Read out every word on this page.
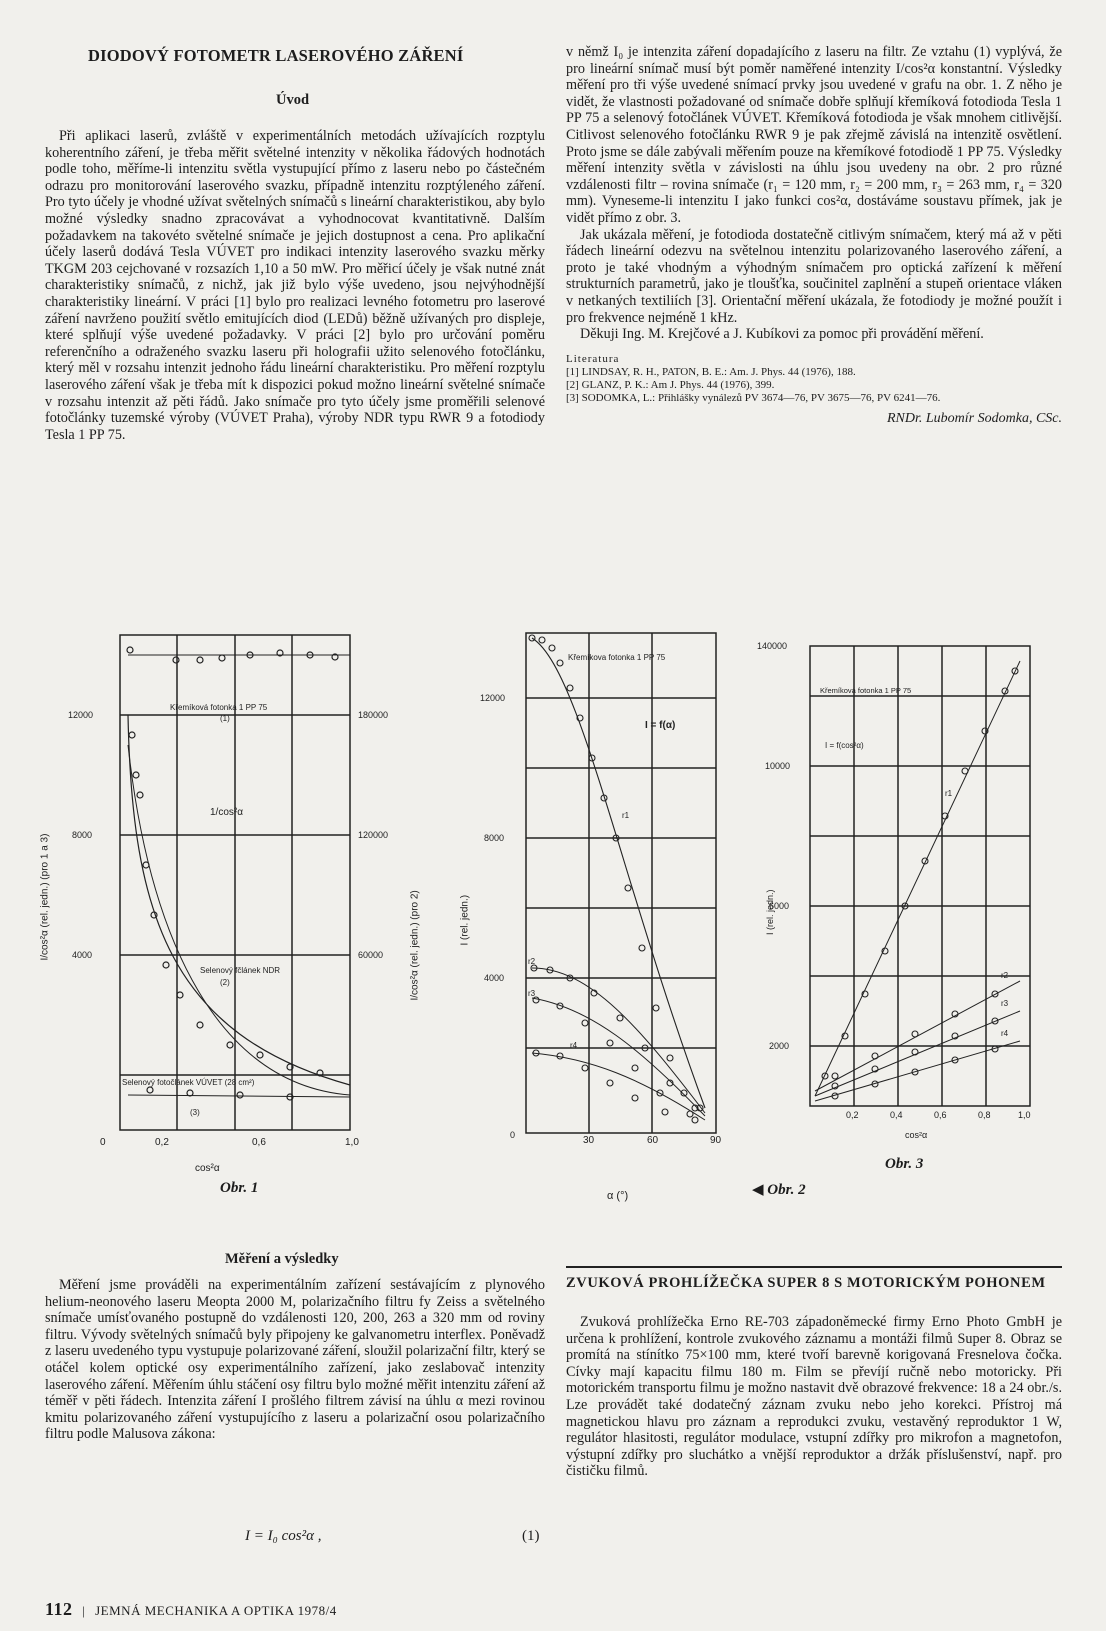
DIODOVÝ FOTOMETR LASEROVÉHO ZÁŘENÍ
Úvod

Při aplikaci laserů, zvláště v experimentálních metodách užívajících rozptylu koherentního záření, je třeba měřit světelné intenzity v několika řádových hodnotách podle toho, měříme-li intenzitu světla vystupující přímo z laseru nebo po částečném odrazu pro monitorování laserového svazku, případně intenzitu rozptýleného záření. Pro tyto účely je vhodné užívat světelných snímačů s lineární charakteristikou, aby bylo možné výsledky snadno zpracovávat a vyhodnocovat kvantitativně. Dalším požadavkem na takovéto světelné snímače je jejich dostupnost a cena. Pro aplikační účely laserů dodává Tesla VÚVET pro indikaci intenzity laserového svazku měrky TKGM 203 cejchované v rozsazích 1,10 a 50 mW. Pro měřicí účely je však nutné znát charakteristiky snímačů, z nichž, jak již bylo výše uvedeno, jsou nejvýhodnější charakteristiky lineární. V práci [1] bylo pro realizaci levného fotometru pro laserové záření navrženo použití světlo emitujících diod (LEDů) běžně užívaných pro displeje, které splňují výše uvedené požadavky. V práci [2] bylo pro určování poměru referenčního a odraženého svazku laseru při holografii užito selenového fotočlánku, který měl v rozsahu intenzit jednoho řádu lineární charakteristiku. Pro měření rozptylu laserového záření však je třeba mít k dispozici pokud možno lineární světelné snímače v rozsahu intenzit až pěti řádů. Jako snímače pro tyto účely jsme proměřili selenové fotočlánky tuzemské výroby (VÚVET Praha), výroby NDR typu RWR 9 a fotodiody Tesla 1 PP 75.

v němž I₀ je intenzita záření dopadajícího z laseru na filtr. Ze vztahu (1) vyplývá, že pro lineární snímač musí být poměr naměřené intenzity I/cos²α konstantní. Výsledky měření pro tři výše uvedené snímací prvky jsou uvedené v grafu na obr. 1. Z něho je vidět, že vlastnosti požadované od snímače dobře splňují křemíková fotodioda Tesla 1 PP 75 a selenový fotočlánek VÚVET. Křemíková fotodioda je však mnohem citlivější. Citlivost selenového fotočlánku RWR 9 je pak zřejmě závislá na intenzitě osvětlení. Proto jsme se dále zabývali měřením pouze na křemíkové fotodiodě 1 PP 75. Výsledky měření intenzity světla v závislosti na úhlu jsou uvedeny na obr. 2 pro různé vzdálenosti filtr – rovina snímače (r₁ = 120 mm, r₂ = 200 mm, r₃ = 263 mm, r₄ = 320 mm). Vyneseme-li intenzitu I jako funkci cos²α, dostáváme soustavu přímek, jak je vidět přímo z obr. 3.

Jak ukázala měření, je fotodioda dostatečně citlivým snímačem, který má až v pěti řádech lineární odezvu na světelnou intenzitu polarizovaného laserového záření, a proto je také vhodným a výhodným snímačem pro optická zařízení k měření strukturních parametrů, jako je tloušťka, součinitel zaplnění a stupeň orientace vláken v netkaných textiliích [3]. Orientační měření ukázala, že fotodiody je možné použít i pro frekvence nejméně 1 kHz.

Děkuji Ing. M. Krejčové a J. Kubíkovi za pomoc při provádění měření.

Literatura
[1] LINDSAY, R. H., PATON, B. E.: Am. J. Phys. 44 (1976), 188.
[2] GLANZ, P. K.: Am J. Phys. 44 (1976), 399.
[3] SODOMKA, L.: Přihlášky vynálezů PV 3674—76, PV 3675—76, PV 6241—76.
RNDr. Lubomír Sodomka, CSc.
12000
8000
4000
180000
120000
60000
Křemíková fotonka 1 PP 75
(1)
Selenový fčlánek NDR
(2)
Selenový fotočlánek VÚVET (28 cm²)
(3)
1/cos²α
0	0,2	0,6	1,0
cos²α
I/cos²α (rel. jedn.) (pro 1 a 3)	I/cos²α (rel. jedn.) (pro 2)
Obr. 1
12000
8000
4000
0
Křemíkova fotonka 1 PP 75
I = f(α)
r1
r2
r3
r4
30	60	90
α (°)
I (rel. jedn.)
◀ Obr. 2
140000
10000
6000
2000
Křemíková fotonka 1 PP 75
I = f(cos²α)
r1
r2
r3
r4
0,2	0,4	0,6	0,8	1,0
cos²α
I (rel. jedn.)
Obr. 3
Měření a výsledky

Měření jsme prováděli na experimentálním zařízení sestávajícím z plynového helium-neonového laseru Meopta 2000 M, polarizačního filtru fy Zeiss a světelného snímače umísťovaného postupně do vzdálenosti 120, 200, 263 a 320 mm od roviny filtru. Vývody světelných snímačů byly připojeny ke galvanometru interflex. Poněvadž z laseru uvedeného typu vystupuje polarizované záření, sloužil polarizační filtr, který se otáčel kolem optické osy experimentálního zařízení, jako zeslabovač intenzity laserového záření. Měřením úhlu stáčení osy filtru bylo možné měřit intenzitu záření až téměř v pěti řádech. Intenzita záření I prošlého filtrem závisí na úhlu α mezi rovinou kmitu polarizovaného záření vystupujícího z laseru a polarizační osou polarizačního filtru podle Malusova zákona:

I = I₀ cos²α ,	(1)
ZVUKOVÁ PROHLÍŽEČKA SUPER 8 S MOTORICKÝM POHONEM

Zvuková prohlížečka Erno RE-703 západoněmecké firmy Erno Photo GmbH je určena k prohlížení, kontrole zvukového záznamu a montáži filmů Super 8. Obraz se promítá na stínítko 75×100 mm, které tvoří barevně korigovaná Fresnelova čočka. Cívky mají kapacitu filmu 180 m. Film se převíjí ručně nebo motoricky. Při motorickém transportu filmu je možno nastavit dvě obrazové frekvence: 18 a 24 obr./s. Lze provádět také dodatečný záznam zvuku nebo jeho korekci. Přístroj má magnetickou hlavu pro záznam a reprodukci zvuku, vestavěný reproduktor 1 W, regulátor hlasitosti, regulátor modulace, vstupní zdířky pro mikrofon a magnetofon, výstupní zdířky pro sluchátko a vnější reproduktor a držák příslušenství, např. pro čističku filmů.

112 | JEMNÁ MECHANIKA A OPTIKA 1978/4
